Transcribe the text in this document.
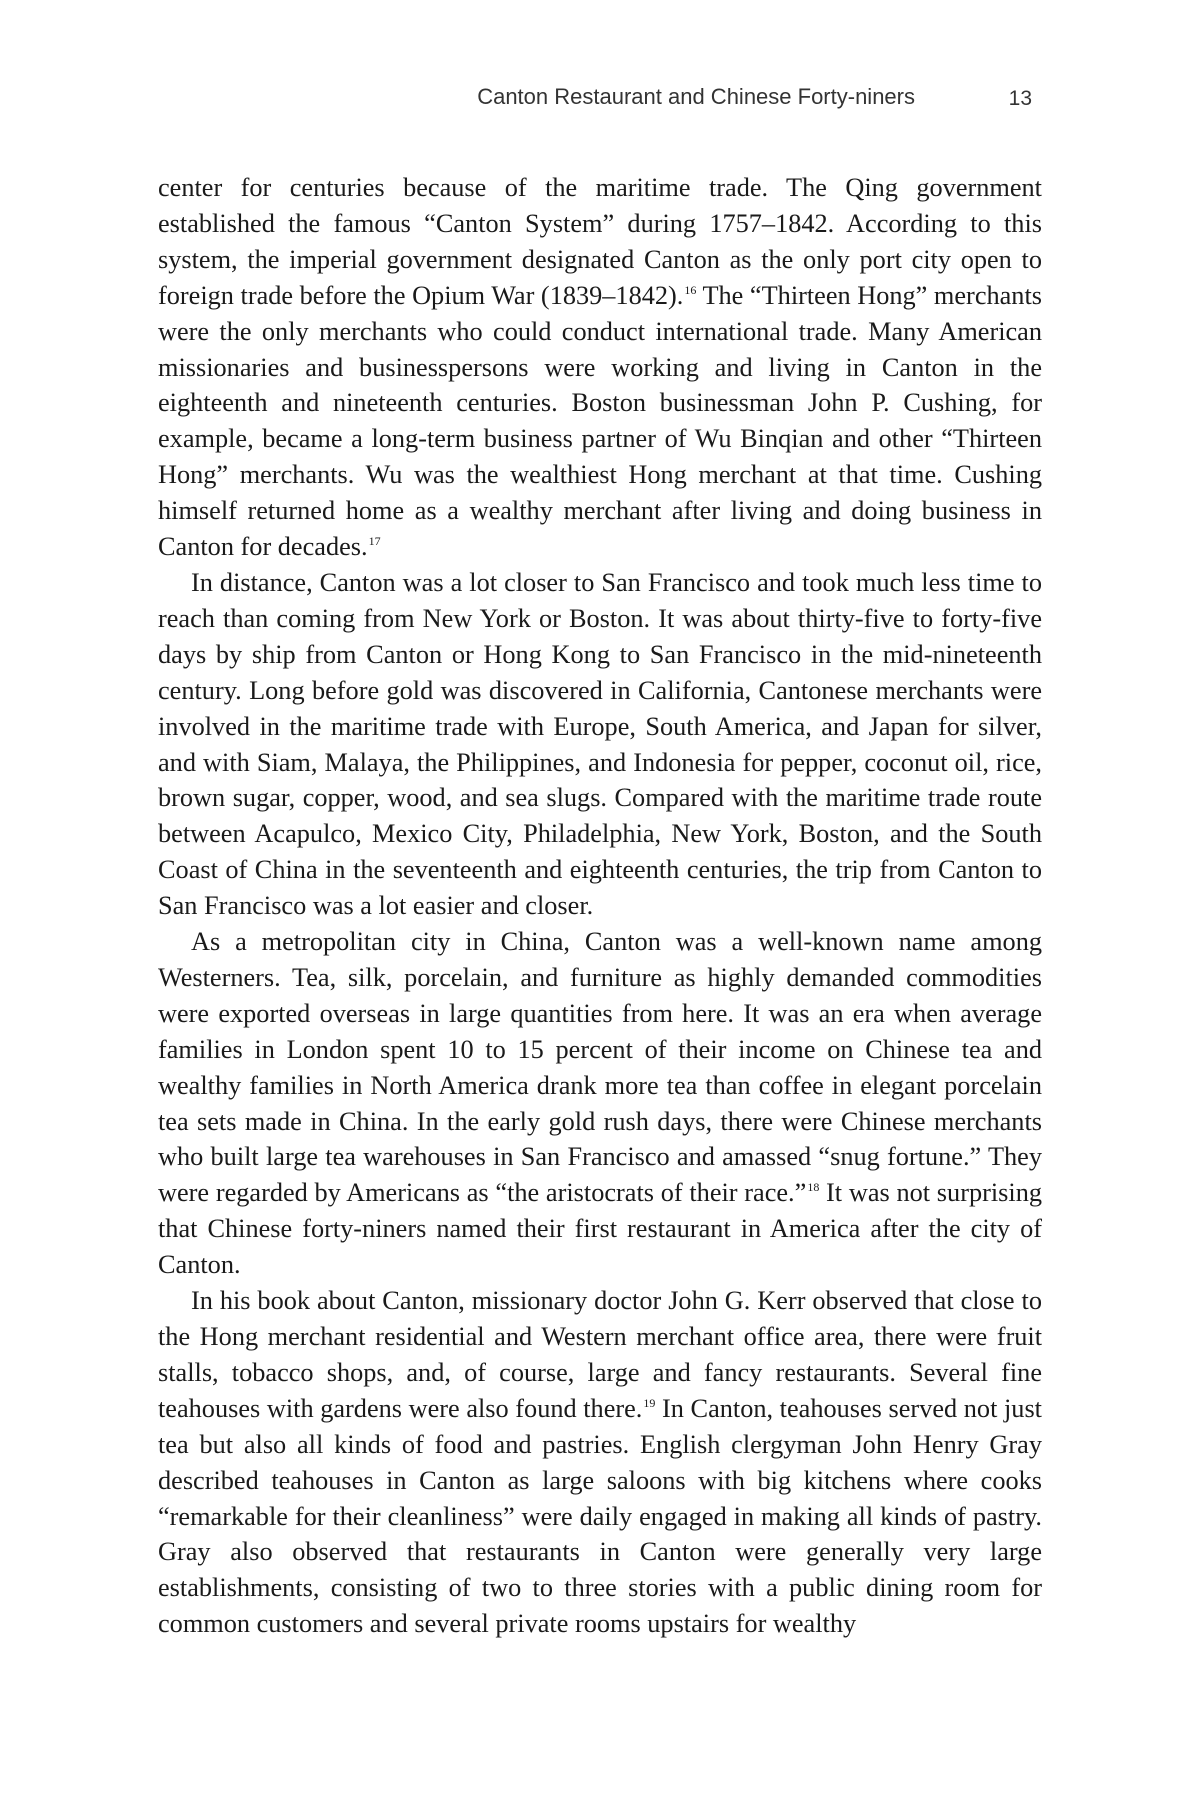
Canton Restaurant and Chinese Forty-niners	13

center for centuries because of the maritime trade. The Qing government established the famous “Canton System” during 1757–1842. According to this system, the imperial government designated Canton as the only port city open to foreign trade before the Opium War (1839–1842).$^{16}$ The “Thirteen Hong” merchants were the only merchants who could conduct international trade. Many American missionaries and businesspersons were working and living in Canton in the eighteenth and nineteenth centuries. Boston businessman John P. Cushing, for example, became a long-term business partner of Wu Binqian and other “Thirteen Hong” merchants. Wu was the wealthiest Hong merchant at that time. Cushing himself returned home as a wealthy merchant after living and doing business in Canton for decades.$^{17}$

In distance, Canton was a lot closer to San Francisco and took much less time to reach than coming from New York or Boston. It was about thirty-five to forty-five days by ship from Canton or Hong Kong to San Francisco in the mid-nineteenth century. Long before gold was discovered in California, Cantonese merchants were involved in the maritime trade with Europe, South America, and Japan for silver, and with Siam, Malaya, the Philippines, and Indonesia for pepper, coconut oil, rice, brown sugar, copper, wood, and sea slugs. Compared with the maritime trade route between Acapulco, Mexico City, Philadelphia, New York, Boston, and the South Coast of China in the seventeenth and eighteenth centuries, the trip from Canton to San Francisco was a lot easier and closer.

As a metropolitan city in China, Canton was a well-known name among Westerners. Tea, silk, porcelain, and furniture as highly demanded commodities were exported overseas in large quantities from here. It was an era when average families in London spent 10 to 15 percent of their income on Chinese tea and wealthy families in North America drank more tea than coffee in elegant porcelain tea sets made in China. In the early gold rush days, there were Chinese merchants who built large tea warehouses in San Francisco and amassed “snug fortune.” They were regarded by Americans as “the aristocrats of their race.”$^{18}$ It was not surprising that Chinese forty-niners named their first restaurant in America after the city of Canton.

In his book about Canton, missionary doctor John G. Kerr observed that close to the Hong merchant residential and Western merchant office area, there were fruit stalls, tobacco shops, and, of course, large and fancy restaurants. Several fine teahouses with gardens were also found there.$^{19}$ In Canton, teahouses served not just tea but also all kinds of food and pastries. English clergyman John Henry Gray described teahouses in Canton as large saloons with big kitchens where cooks “remarkable for their cleanliness” were daily engaged in making all kinds of pastry. Gray also observed that restaurants in Canton were generally very large establishments, consisting of two to three stories with a public dining room for common customers and several private rooms upstairs for wealthy
